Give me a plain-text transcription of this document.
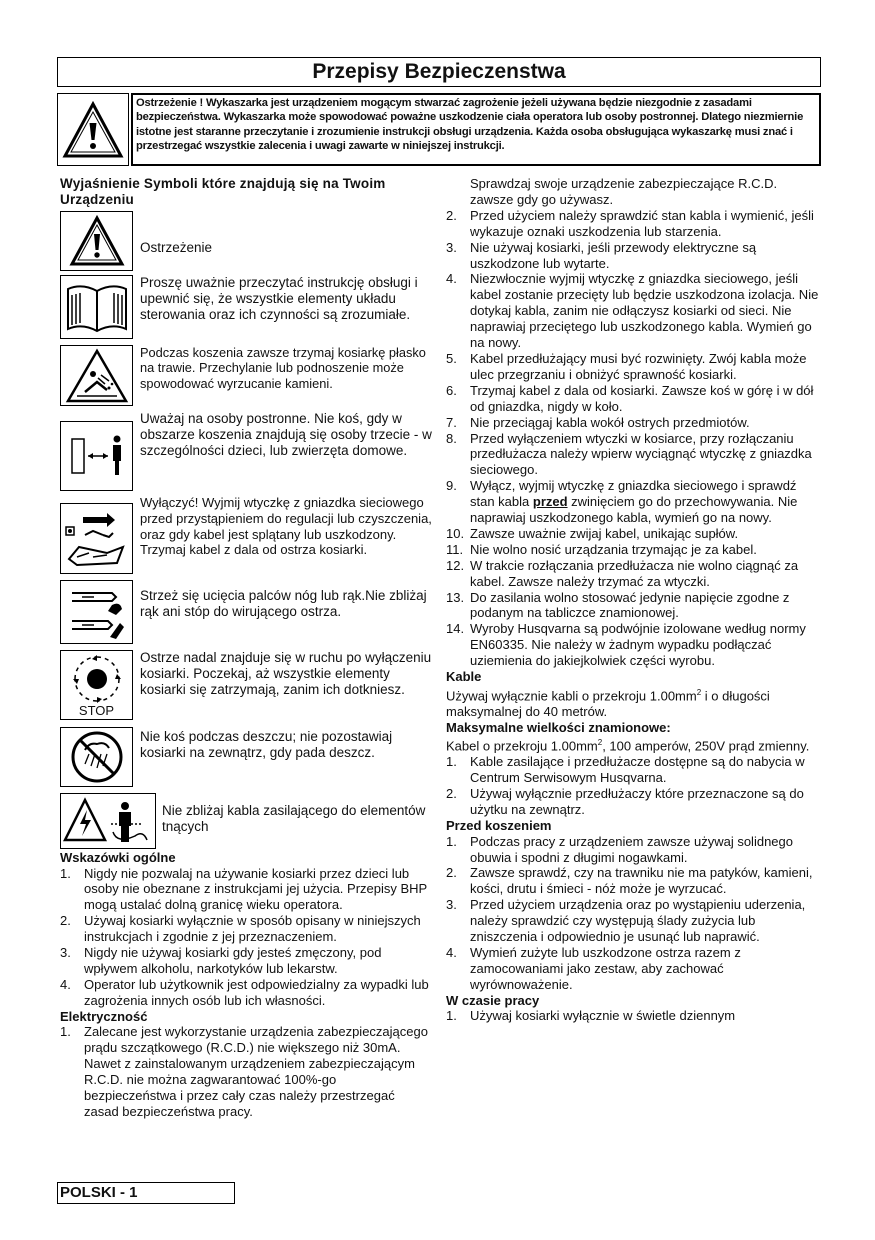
Przepisy Bezpieczenstwa
Ostrzeżenie ! Wykaszarka jest urządzeniem mogącym stwarzać zagrożenie jeżeli używana będzie niezgodnie z zasadami bezpieczeństwa. Wykaszarka może spowodować poważne uszkodzenie ciała operatora lub osoby postronnej. Dlatego niezmiernie istotne jest staranne przeczytanie i zrozumienie instrukcji obsługi urządzenia. Każda osoba obsługująca wykaszarkę musi znać i przestrzegać wszystkie zalecenia i uwagi zawarte w niniejszej instrukcji.
Wyjaśnienie Symboli które znajdują się na Twoim Urządzeniu
Ostrzeżenie
Proszę uważnie przeczytać instrukcję obsługi i upewnić się, że wszystkie elementy układu sterowania oraz ich czynności są zrozumiałe.
Podczas koszenia zawsze trzymaj kosiarkę płasko na trawie. Przechylanie lub podnoszenie może spowodować wyrzucanie kamieni.
Uważaj na osoby postronne. Nie koś, gdy w obszarze koszenia znajdują się osoby trzecie - w szczególności dzieci, lub zwierzęta domowe.
Wyłączyć! Wyjmij wtyczkę z gniazdka sieciowego przed przystąpieniem do regulacji lub czyszczenia, oraz gdy kabel jest splątany lub uszkodzony. Trzymaj kabel z dala od ostrza kosiarki.
Strzeż się ucięcia palców nóg lub rąk.Nie zbliżaj rąk ani stóp do wirującego ostrza.
STOP
Ostrze nadal znajduje się w ruchu po wyłączeniu kosiarki. Poczekaj, aż wszystkie elementy kosiarki się zatrzymają, zanim ich dotkniesz.
Nie koś podczas deszczu; nie pozostawiaj kosiarki na zewnątrz, gdy pada deszcz.
Nie zbliżaj kabla zasilającego do elementów tnących
Wskazówki ogólne
1. Nigdy nie pozwalaj na używanie kosiarki przez dzieci lub osoby nie obeznane z instrukcjami jej użycia. Przepisy BHP mogą ustalać dolną granicę wieku operatora.
2. Używaj kosiarki wyłącznie w sposób opisany w niniejszych instrukcjach i zgodnie z jej przeznaczeniem.
3. Nigdy nie używaj kosiarki gdy jesteś zmęczony, pod wpływem alkoholu, narkotyków lub lekarstw.
4. Operator lub użytkownik jest odpowiedzialny za wypadki lub zagrożenia innych osób lub ich własności.
Elektryczność
1. Zalecane jest wykorzystanie urządzenia zabezpieczającego prądu szczątkowego (R.C.D.) nie większego niż 30mA. Nawet z zainstalowanym urządzeniem zabezpieczającym R.C.D. nie można zagwarantować 100%-go bezpieczeństwa i przez cały czas należy przestrzegać zasad bezpieczeństwa pracy.
Sprawdzaj swoje urządzenie zabezpieczające R.C.D. zawsze gdy go używasz.
2. Przed użyciem należy sprawdzić stan kabla i wymienić, jeśli wykazuje oznaki uszkodzenia lub starzenia.
3. Nie używaj kosiarki, jeśli przewody elektryczne są uszkodzone lub wytarte.
4. Niezwłocznie wyjmij wtyczkę z gniazdka sieciowego, jeśli kabel zostanie przecięty lub będzie uszkodzona izolacja. Nie dotykaj kabla, zanim nie odłączysz kosiarki od sieci. Nie naprawiaj przeciętego lub uszkodzonego kabla. Wymień go na nowy.
5. Kabel przedłużający musi być rozwinięty. Zwój kabla może ulec przegrzaniu i obniżyć sprawność kosiarki.
6. Trzymaj kabel z dala od kosiarki. Zawsze koś w górę i w dół od gniazdka, nigdy w koło.
7. Nie przeciągaj kabla wokół ostrych przedmiotów.
8. Przed wyłączeniem wtyczki w kosiarce, przy rozłączaniu przedłużacza należy wpierw wyciągnąć wtyczkę z gniazdka sieciowego.
9. Wyłącz, wyjmij wtyczkę z gniazdka sieciowego i sprawdź stan kabla przed zwinięciem go do przechowywania. Nie naprawiaj uszkodzonego kabla, wymień go na nowy.
10. Zawsze uważnie zwijaj kabel, unikając supłów.
11. Nie wolno nosić urządzania trzymając je za kabel.
12. W trakcie rozłączania przedłużacza nie wolno ciągnąć za kabel. Zawsze należy trzymać za wtyczki.
13. Do zasilania wolno stosować jedynie napięcie zgodne z podanym na tabliczce znamionowej.
14. Wyroby Husqvarna są podwójnie izolowane według normy EN60335. Nie należy w żadnym wypadku podłączać uziemienia do jakiejkolwiek części wyrobu.
Kable
Używaj wyłącznie kabli o przekroju $1.00mm^2$ i o długości maksymalnej do 40 metrów.
Maksymalne wielkości znamionowe:
Kabel o przekroju $1.00mm^2$, 100 amperów, 250V prąd zmienny.
1. Kable zasilające i przedłużacze dostępne są do nabycia w Centrum Serwisowym Husqvarna.
2. Używaj wyłącznie przedłużaczy które przeznaczone są do użytku na zewnątrz.
Przed koszeniem
1. Podczas pracy z urządzeniem zawsze używaj solidnego obuwia i spodni z długimi nogawkami.
2. Zawsze sprawdź, czy na trawniku nie ma patyków, kamieni, kości, drutu i śmieci - nóż może je wyrzucać.
3. Przed użyciem urządzenia oraz po wystąpieniu uderzenia, należy sprawdzić czy występują ślady zużycia lub zniszczenia i odpowiednio je usunąć lub naprawić.
4. Wymień zużyte lub uszkodzone ostrza razem z zamocowaniami jako zestaw, aby zachować wyrównoważenie.
W czasie pracy
1. Używaj kosiarki wyłącznie w świetle dziennym
POLSKI - 1
